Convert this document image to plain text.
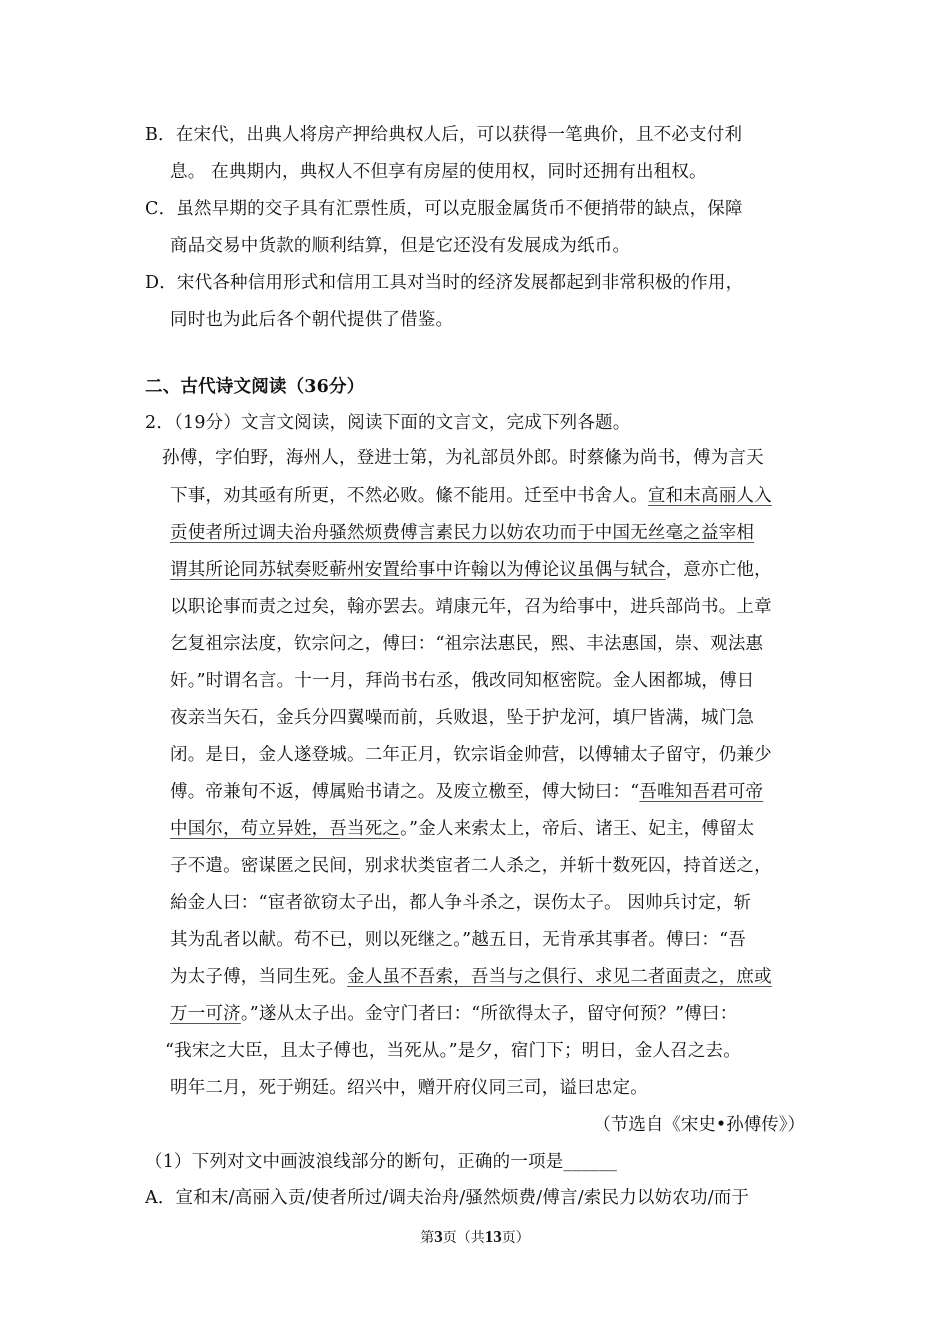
B．在宋代，出典人将房产押给典权人后，可以获得一笔典价，且不必支付利
息。 在典期内，典权人不但享有房屋的使用权，同时还拥有出租权。
C．虽然早期的交子具有汇票性质，可以克服金属货币不便捎带的缺点，保障
商品交易中货款的顺利结算，但是它还没有发展成为纸币。
D．宋代各种信用形式和信用工具对当时的经济发展都起到非常积极的作用，
同时也为此后各个朝代提供了借鉴。
二、古代诗文阅读（36分）
2．（19分）文言文阅读，阅读下面的文言文，完成下列各题。
孙傅，字伯野，海州人，登进士第，为礼部员外郎。时蔡絛为尚书，傅为言天
下事，劝其亟有所更，不然必败。絛不能用。迁至中书舍人。宣和末高丽人入
贡使者所过调夫治舟骚然烦费傅言素民力以妨农功而于中国无丝毫之益宰相
谓其所论同苏轼奏贬蕲州安置给事中许翰以为傅论议虽偶与轼合，意亦亡他，
以职论事而责之过矣，翰亦罢去。靖康元年，召为给事中，进兵部尚书。上章
乞复祖宗法度，钦宗问之，傅曰：“祖宗法惠民，熙、丰法惠国，崇、观法惠
奸。”时谓名言。十一月，拜尚书右丞，俄改同知枢密院。金人困都城，傅日
夜亲当矢石，金兵分四翼噪而前，兵败退，坠于护龙河，填尸皆满，城门急
闭。是日，金人遂登城。二年正月，钦宗诣金帅营，以傅辅太子留守，仍兼少
傅。帝兼旬不返，傅属贻书请之。及废立檄至，傅大恸曰：“吾唯知吾君可帝
中国尔，苟立异姓，吾当死之。”金人来索太上，帝后、诸王、妃主，傅留太
子不遣。密谋匿之民间，别求状类宦者二人杀之，并斩十数死囚，持首送之，
紿金人曰：“宦者欲窃太子出，都人争斗杀之，误伤太子。 因帅兵讨定，斩
其为乱者以献。苟不已，则以死继之。”越五日，无肯承其事者。傅曰：“吾
为太子傅，当同生死。金人虽不吾索，吾当与之俱行、求见二者面责之，庶或
万一可济。”遂从太子出。金守门者曰：“所欲得太子，留守何预？”傅曰：
“我宋之大臣，且太子傅也，当死从。”是夕，宿门下；明日，金人召之去。
明年二月，死于朔廷。绍兴中，赠开府仪同三司，谥曰忠定。
（节选自《宋史•孙傅传》）
（1）下列对文中画波浪线部分的断句，正确的一项是______
A．宣和末/高丽入贡/使者所过/调夫治舟/骚然烦费/傅言/索民力以妨农功/而于
第3页（共13页）
